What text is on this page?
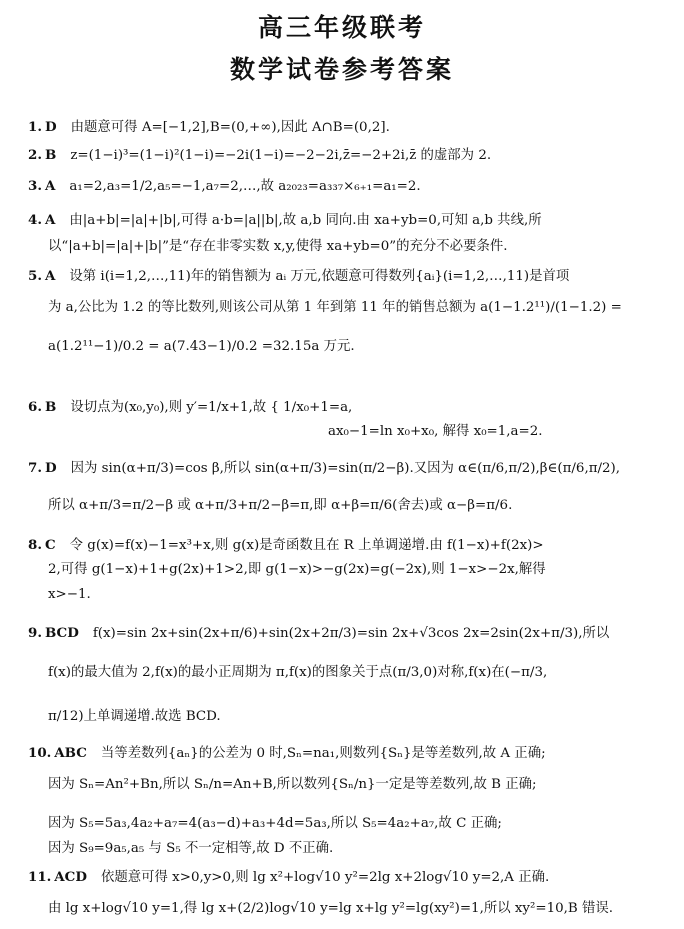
高三年级联考
数学试卷参考答案
1. D 由题意可得 A=[−1,2],B=(0,+∞),因此 A∩B=(0,2].
2. B z=(1−i)³=(1−i)²(1−i)=−2i(1−i)=−2−2i,z̄=−2+2i,z̄ 的虚部为 2.
3. A a₁=2,a₃=1/2,a₅=−1,a₇=2,…,故 a₂₀₂₃=a₃₃₇×₆₊₁=a₁=2.
4. A 由|a+b|=|a|+|b|,可得 a·b=|a||b|,故 a,b 同向.由 xa+yb=0,可知 a,b 共线,所
以“|a+b|=|a|+|b|”是“存在非零实数 x,y,使得 xa+yb=0”的充分不必要条件.
5. A 设第 i(i=1,2,…,11)年的销售额为 aᵢ 万元,依题意可得数列{aᵢ}(i=1,2,…,11)是首项
为 a,公比为 1.2 的等比数列,则该公司从第 1 年到第 11 年的销售总额为 a(1−1.2¹¹)/(1−1.2) =
a(1.2¹¹−1)/0.2 = a(7.43−1)/0.2 =32.15a 万元.
6. B 设切点为(x₀,y₀),则 y′=1/x+1,故 { 1/x₀+1=a,
ax₀−1=ln x₀+x₀, 解得 x₀=1,a=2.
7. D 因为 sin(α+π/3)=cos β,所以 sin(α+π/3)=sin(π/2−β).又因为 α∈(π/6,π/2),β∈(π/6,π/2),
所以 α+π/3=π/2−β 或 α+π/3+π/2−β=π,即 α+β=π/6(舍去)或 α−β=π/6.
8. C 令 g(x)=f(x)−1=x³+x,则 g(x)是奇函数且在 R 上单调递增.由 f(1−x)+f(2x)>
2,可得 g(1−x)+1+g(2x)+1>2,即 g(1−x)>−g(2x)=g(−2x),则 1−x>−2x,解得
x>−1.
9. BCD f(x)=sin 2x+sin(2x+π/6)+sin(2x+2π/3)=sin 2x+√3cos 2x=2sin(2x+π/3),所以
f(x)的最大值为 2,f(x)的最小正周期为 π,f(x)的图象关于点(π/3,0)对称,f(x)在(−π/3,
π/12)上单调递增.故选 BCD.
10. ABC 当等差数列{aₙ}的公差为 0 时,Sₙ=na₁,则数列{Sₙ}是等差数列,故 A 正确;
因为 Sₙ=An²+Bn,所以 Sₙ/n=An+B,所以数列{Sₙ/n}一定是等差数列,故 B 正确;
因为 S₅=5a₃,4a₂+a₇=4(a₃−d)+a₃+4d=5a₃,所以 S₅=4a₂+a₇,故 C 正确;
因为 S₉=9a₅,a₅ 与 S₅ 不一定相等,故 D 不正确.
11. ACD 依题意可得 x>0,y>0,则 lg x²+log√10 y²=2lg x+2log√10 y=2,A 正确.
由 lg x+log√10 y=1,得 lg x+(2/2)log√10 y=lg x+lg y²=lg(xy²)=1,所以 xy²=10,B 错误.
